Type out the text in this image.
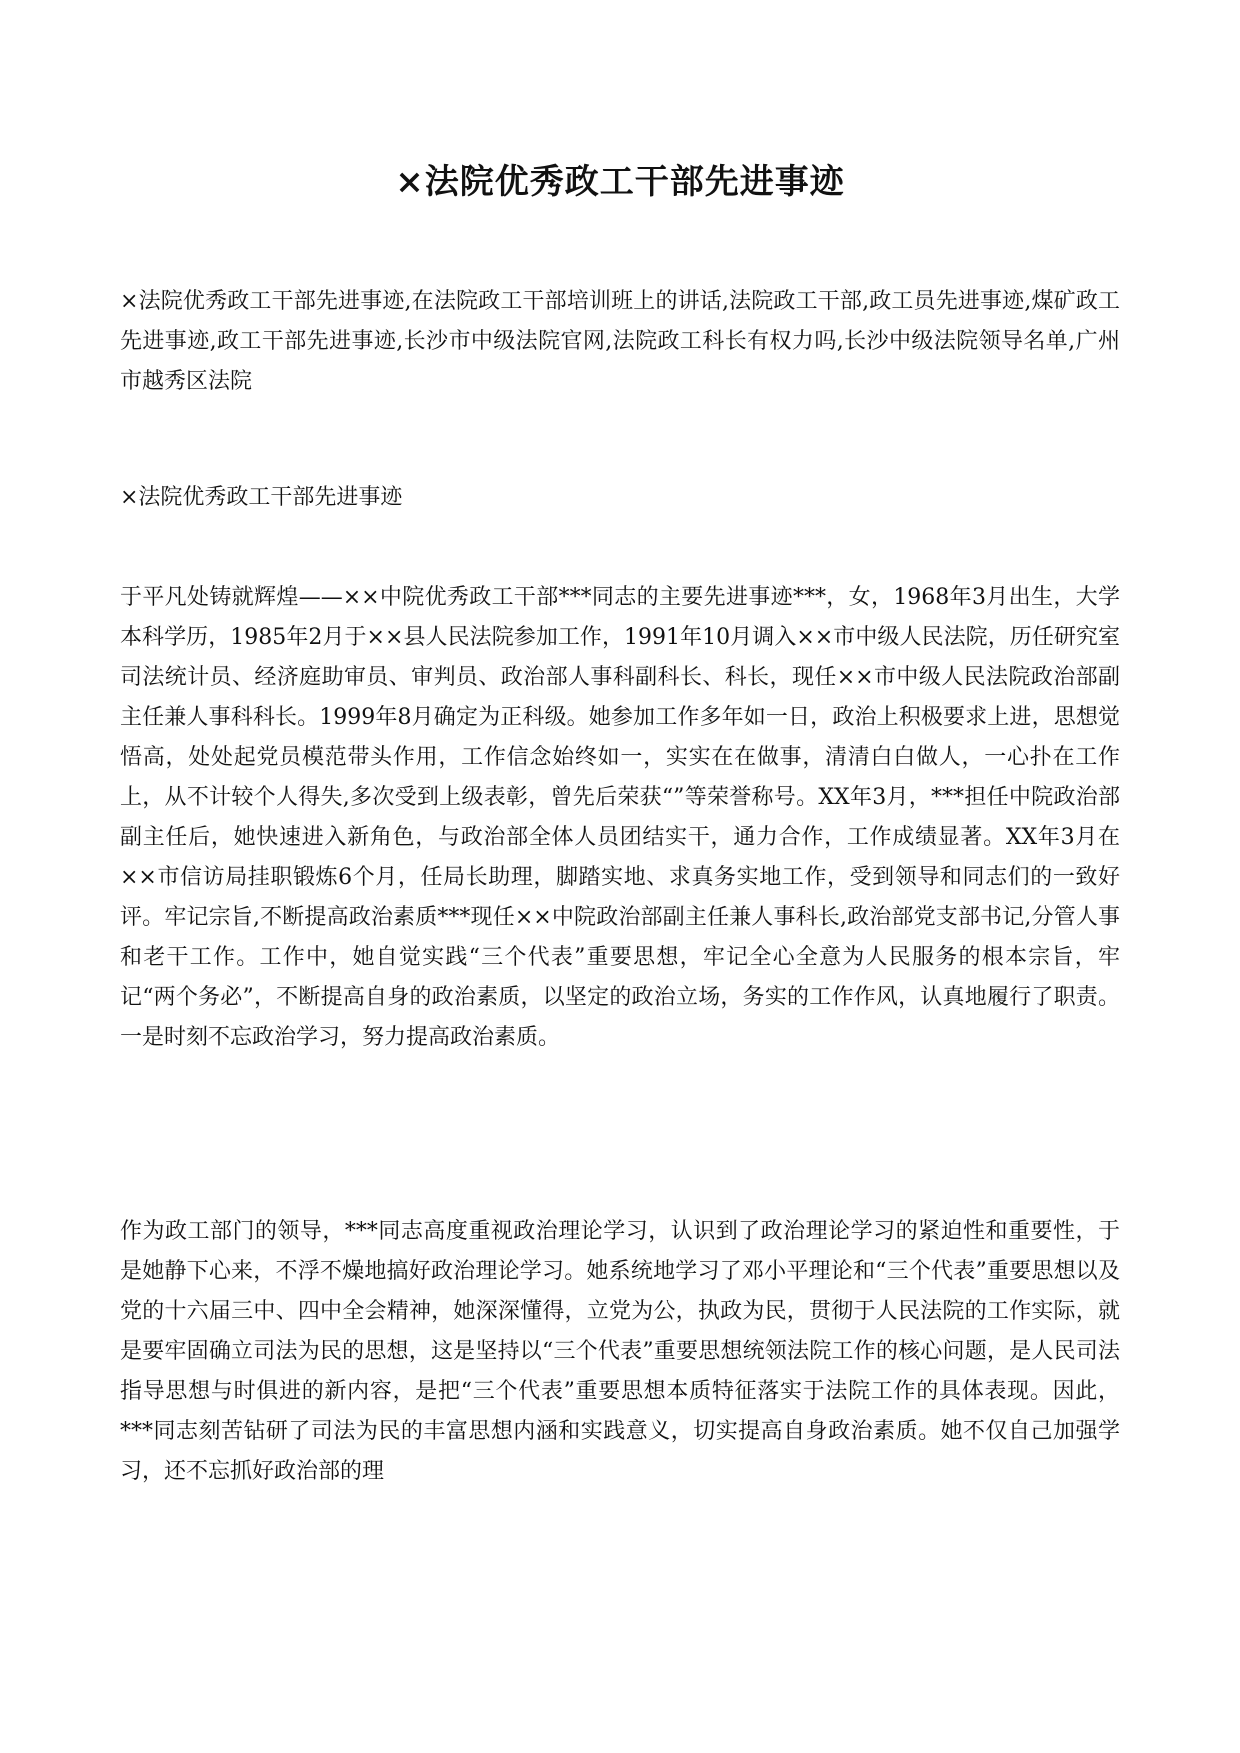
×法院优秀政工干部先进事迹

×法院优秀政工干部先进事迹,在法院政工干部培训班上的讲话,法院政工干部,政工员先进事迹,煤矿政工先进事迹,政工干部先进事迹,长沙市中级法院官网,法院政工科长有权力吗,长沙中级法院领导名单,广州市越秀区法院

×法院优秀政工干部先进事迹

于平凡处铸就辉煌——××中院优秀政工干部***同志的主要先进事迹***，女，1968年3月出生，大学本科学历，1985年2月于××县人民法院参加工作，1991年10月调入××市中级人民法院，历任研究室司法统计员、经济庭助审员、审判员、政治部人事科副科长、科长，现任××市中级人民法院政治部副主任兼人事科科长。1999年8月确定为正科级。她参加工作多年如一日，政治上积极要求上进，思想觉悟高，处处起党员模范带头作用，工作信念始终如一，实实在在做事，清清白白做人，一心扑在工作上，从不计较个人得失,多次受到上级表彰，曾先后荣获“”等荣誉称号。XX年3月，***担任中院政治部副主任后，她快速进入新角色，与政治部全体人员团结实干，通力合作，工作成绩显著。XX年3月在××市信访局挂职锻炼6个月，任局长助理，脚踏实地、求真务实地工作，受到领导和同志们的一致好评。牢记宗旨,不断提高政治素质***现任××中院政治部副主任兼人事科长,政治部党支部书记,分管人事和老干工作。工作中，她自觉实践“三个代表”重要思想，牢记全心全意为人民服务的根本宗旨，牢记“两个务必”，不断提高自身的政治素质，以坚定的政治立场，务实的工作作风，认真地履行了职责。一是时刻不忘政治学习，努力提高政治素质。

作为政工部门的领导，***同志高度重视政治理论学习，认识到了政治理论学习的紧迫性和重要性，于是她静下心来，不浮不燥地搞好政治理论学习。她系统地学习了邓小平理论和“三个代表”重要思想以及党的十六届三中、四中全会精神，她深深懂得，立党为公，执政为民，贯彻于人民法院的工作实际，就是要牢固确立司法为民的思想，这是坚持以“三个代表”重要思想统领法院工作的核心问题，是人民司法指导思想与时俱进的新内容，是把“三个代表”重要思想本质特征落实于法院工作的具体表现。因此，***同志刻苦钻研了司法为民的丰富思想内涵和实践意义，切实提高自身政治素质。她不仅自己加强学习，还不忘抓好政治部的理
